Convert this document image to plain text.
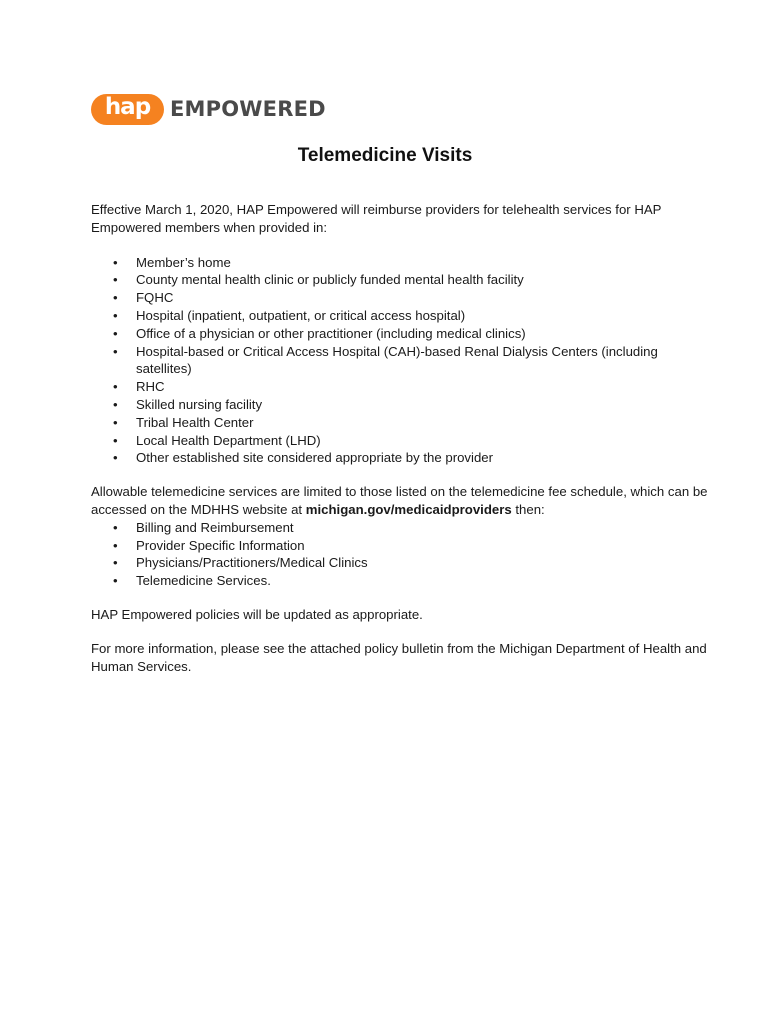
hap EMPOWERED
Telemedicine Visits

Effective March 1, 2020, HAP Empowered will reimburse providers for telehealth services for HAP Empowered members when provided in:

• Member’s home
• County mental health clinic or publicly funded mental health facility
• FQHC
• Hospital (inpatient, outpatient, or critical access hospital)
• Office of a physician or other practitioner (including medical clinics)
• Hospital-based or Critical Access Hospital (CAH)-based Renal Dialysis Centers (including satellites)
• RHC
• Skilled nursing facility
• Tribal Health Center
• Local Health Department (LHD)
• Other established site considered appropriate by the provider

Allowable telemedicine services are limited to those listed on the telemedicine fee schedule, which can be accessed on the MDHHS website at michigan.gov/medicaidproviders then:

• Billing and Reimbursement
• Provider Specific Information
• Physicians/Practitioners/Medical Clinics
• Telemedicine Services.

HAP Empowered policies will be updated as appropriate.

For more information, please see the attached policy bulletin from the Michigan Department of Health and Human Services.
